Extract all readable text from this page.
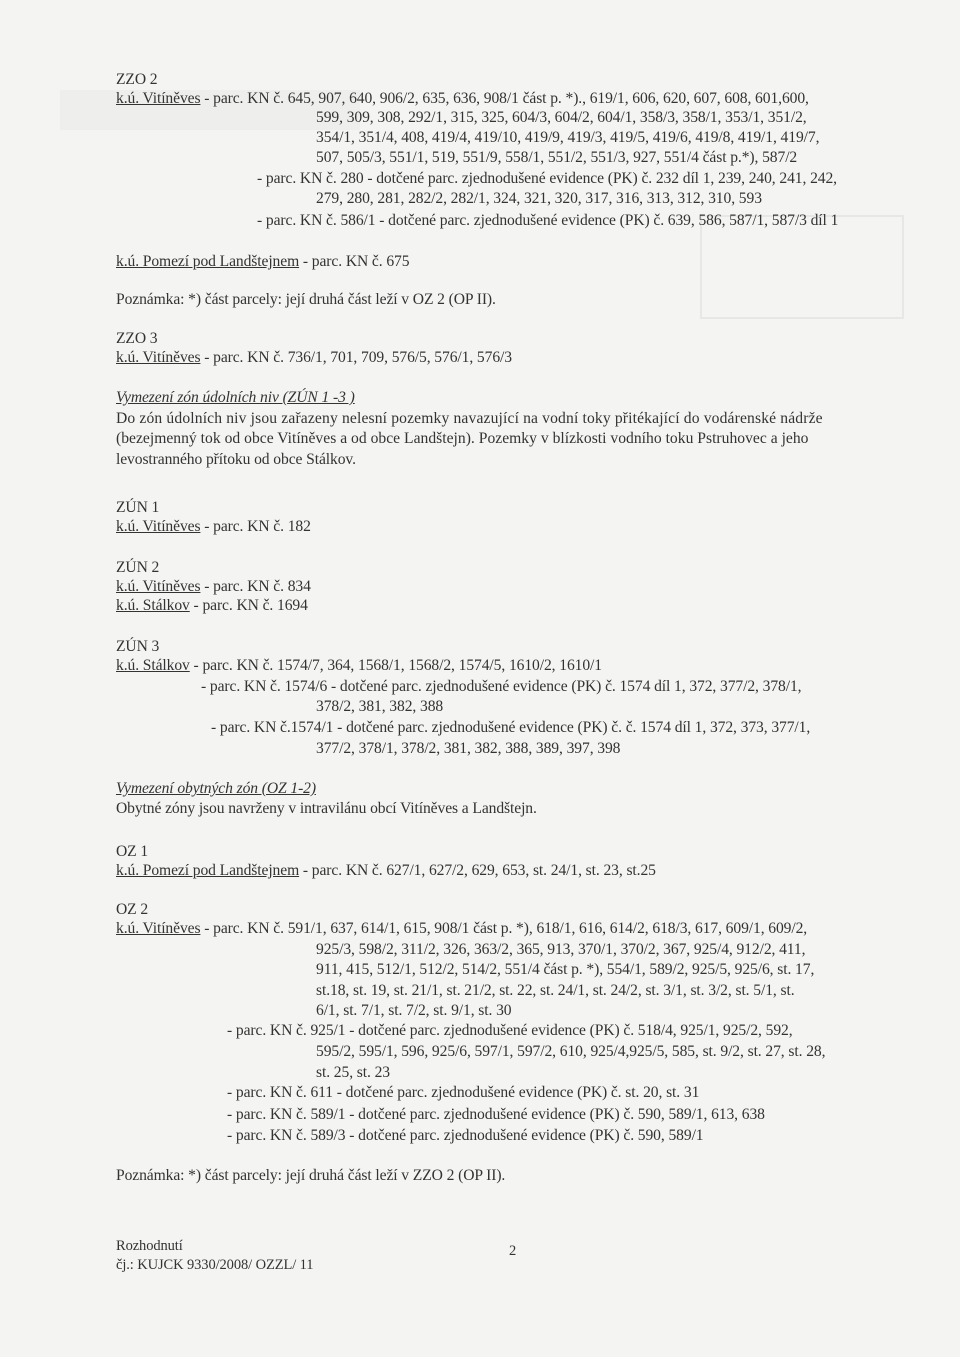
ZZO 2
k.ú. Vitíněves - parc. KN č. 645, 907, 640, 906/2, 635, 636, 908/1 část p. *)., 619/1, 606, 620, 607, 608, 601,600,
599, 309, 308, 292/1, 315, 325, 604/3, 604/2, 604/1, 358/3, 358/1, 353/1, 351/2,
354/1, 351/4, 408, 419/4, 419/10, 419/9, 419/3, 419/5, 419/6, 419/8, 419/1, 419/7,
507, 505/3, 551/1, 519, 551/9, 558/1, 551/2, 551/3, 927, 551/4 část p.*), 587/2
- parc. KN č. 280 - dotčené parc. zjednodušené evidence (PK) č. 232 díl 1, 239, 240, 241, 242,
279, 280, 281, 282/2, 282/1, 324, 321, 320, 317, 316, 313, 312, 310, 593
- parc. KN č. 586/1 - dotčené parc. zjednodušené evidence (PK) č. 639, 586, 587/1, 587/3 díl 1
k.ú. Pomezí pod Landštejnem - parc. KN č. 675
Poznámka: *) část parcely: její druhá část leží v OZ 2 (OP II).
ZZO 3
k.ú. Vitíněves - parc. KN č. 736/1, 701, 709, 576/5, 576/1, 576/3
Vymezení zón údolních niv (ZÚN 1 -3 )
Do zón údolních niv jsou zařazeny nelesní pozemky navazující na vodní toky přitékající do vodárenské nádrže
(bezejmenný tok od obce Vitíněves a od obce Landštejn). Pozemky v blízkosti vodního toku Pstruhovec a jeho
levostranného přítoku od obce Stálkov.
ZÚN 1
k.ú. Vitíněves - parc. KN č. 182
ZÚN 2
k.ú. Vitíněves - parc. KN č. 834
k.ú. Stálkov - parc. KN č. 1694
ZÚN 3
k.ú. Stálkov - parc. KN č. 1574/7, 364, 1568/1, 1568/2, 1574/5, 1610/2, 1610/1
- parc. KN č. 1574/6 - dotčené parc. zjednodušené evidence (PK) č. 1574 díl 1, 372, 377/2, 378/1,
378/2, 381, 382, 388
- parc. KN č.1574/1 - dotčené parc. zjednodušené evidence (PK) č. č. 1574 díl 1, 372, 373, 377/1,
377/2, 378/1, 378/2, 381, 382, 388, 389, 397, 398
Vymezení obytných zón (OZ 1-2)
Obytné zóny jsou navrženy v intravilánu obcí Vitíněves a Landštejn.
OZ 1
k.ú. Pomezí pod Landštejnem - parc. KN č. 627/1, 627/2, 629, 653, st. 24/1, st. 23, st.25
OZ 2
k.ú. Vitíněves - parc. KN č. 591/1, 637, 614/1, 615, 908/1 část p. *), 618/1, 616, 614/2, 618/3, 617, 609/1, 609/2,
925/3, 598/2, 311/2, 326, 363/2, 365, 913, 370/1, 370/2, 367, 925/4, 912/2, 411,
911, 415, 512/1, 512/2, 514/2, 551/4 část p. *), 554/1, 589/2, 925/5, 925/6, st. 17,
st.18, st. 19, st. 21/1, st. 21/2, st. 22, st. 24/1, st. 24/2, st. 3/1, st. 3/2, st. 5/1, st.
6/1, st. 7/1, st. 7/2, st. 9/1, st. 30
- parc. KN č. 925/1 - dotčené parc. zjednodušené evidence (PK) č. 518/4, 925/1, 925/2, 592,
595/2, 595/1, 596, 925/6, 597/1, 597/2, 610, 925/4,925/5, 585, st. 9/2, st. 27, st. 28,
st. 25, st. 23
- parc. KN č. 611 - dotčené parc. zjednodušené evidence (PK) č. st. 20, st. 31
- parc. KN č. 589/1 - dotčené parc. zjednodušené evidence (PK) č. 590, 589/1, 613, 638
- parc. KN č. 589/3 - dotčené parc. zjednodušené evidence (PK) č. 590, 589/1
Poznámka: *) část parcely: její druhá část leží v ZZO 2 (OP II).
Rozhodnutí	2
čj.: KUJCK 9330/2008/ OZZL/ 11
